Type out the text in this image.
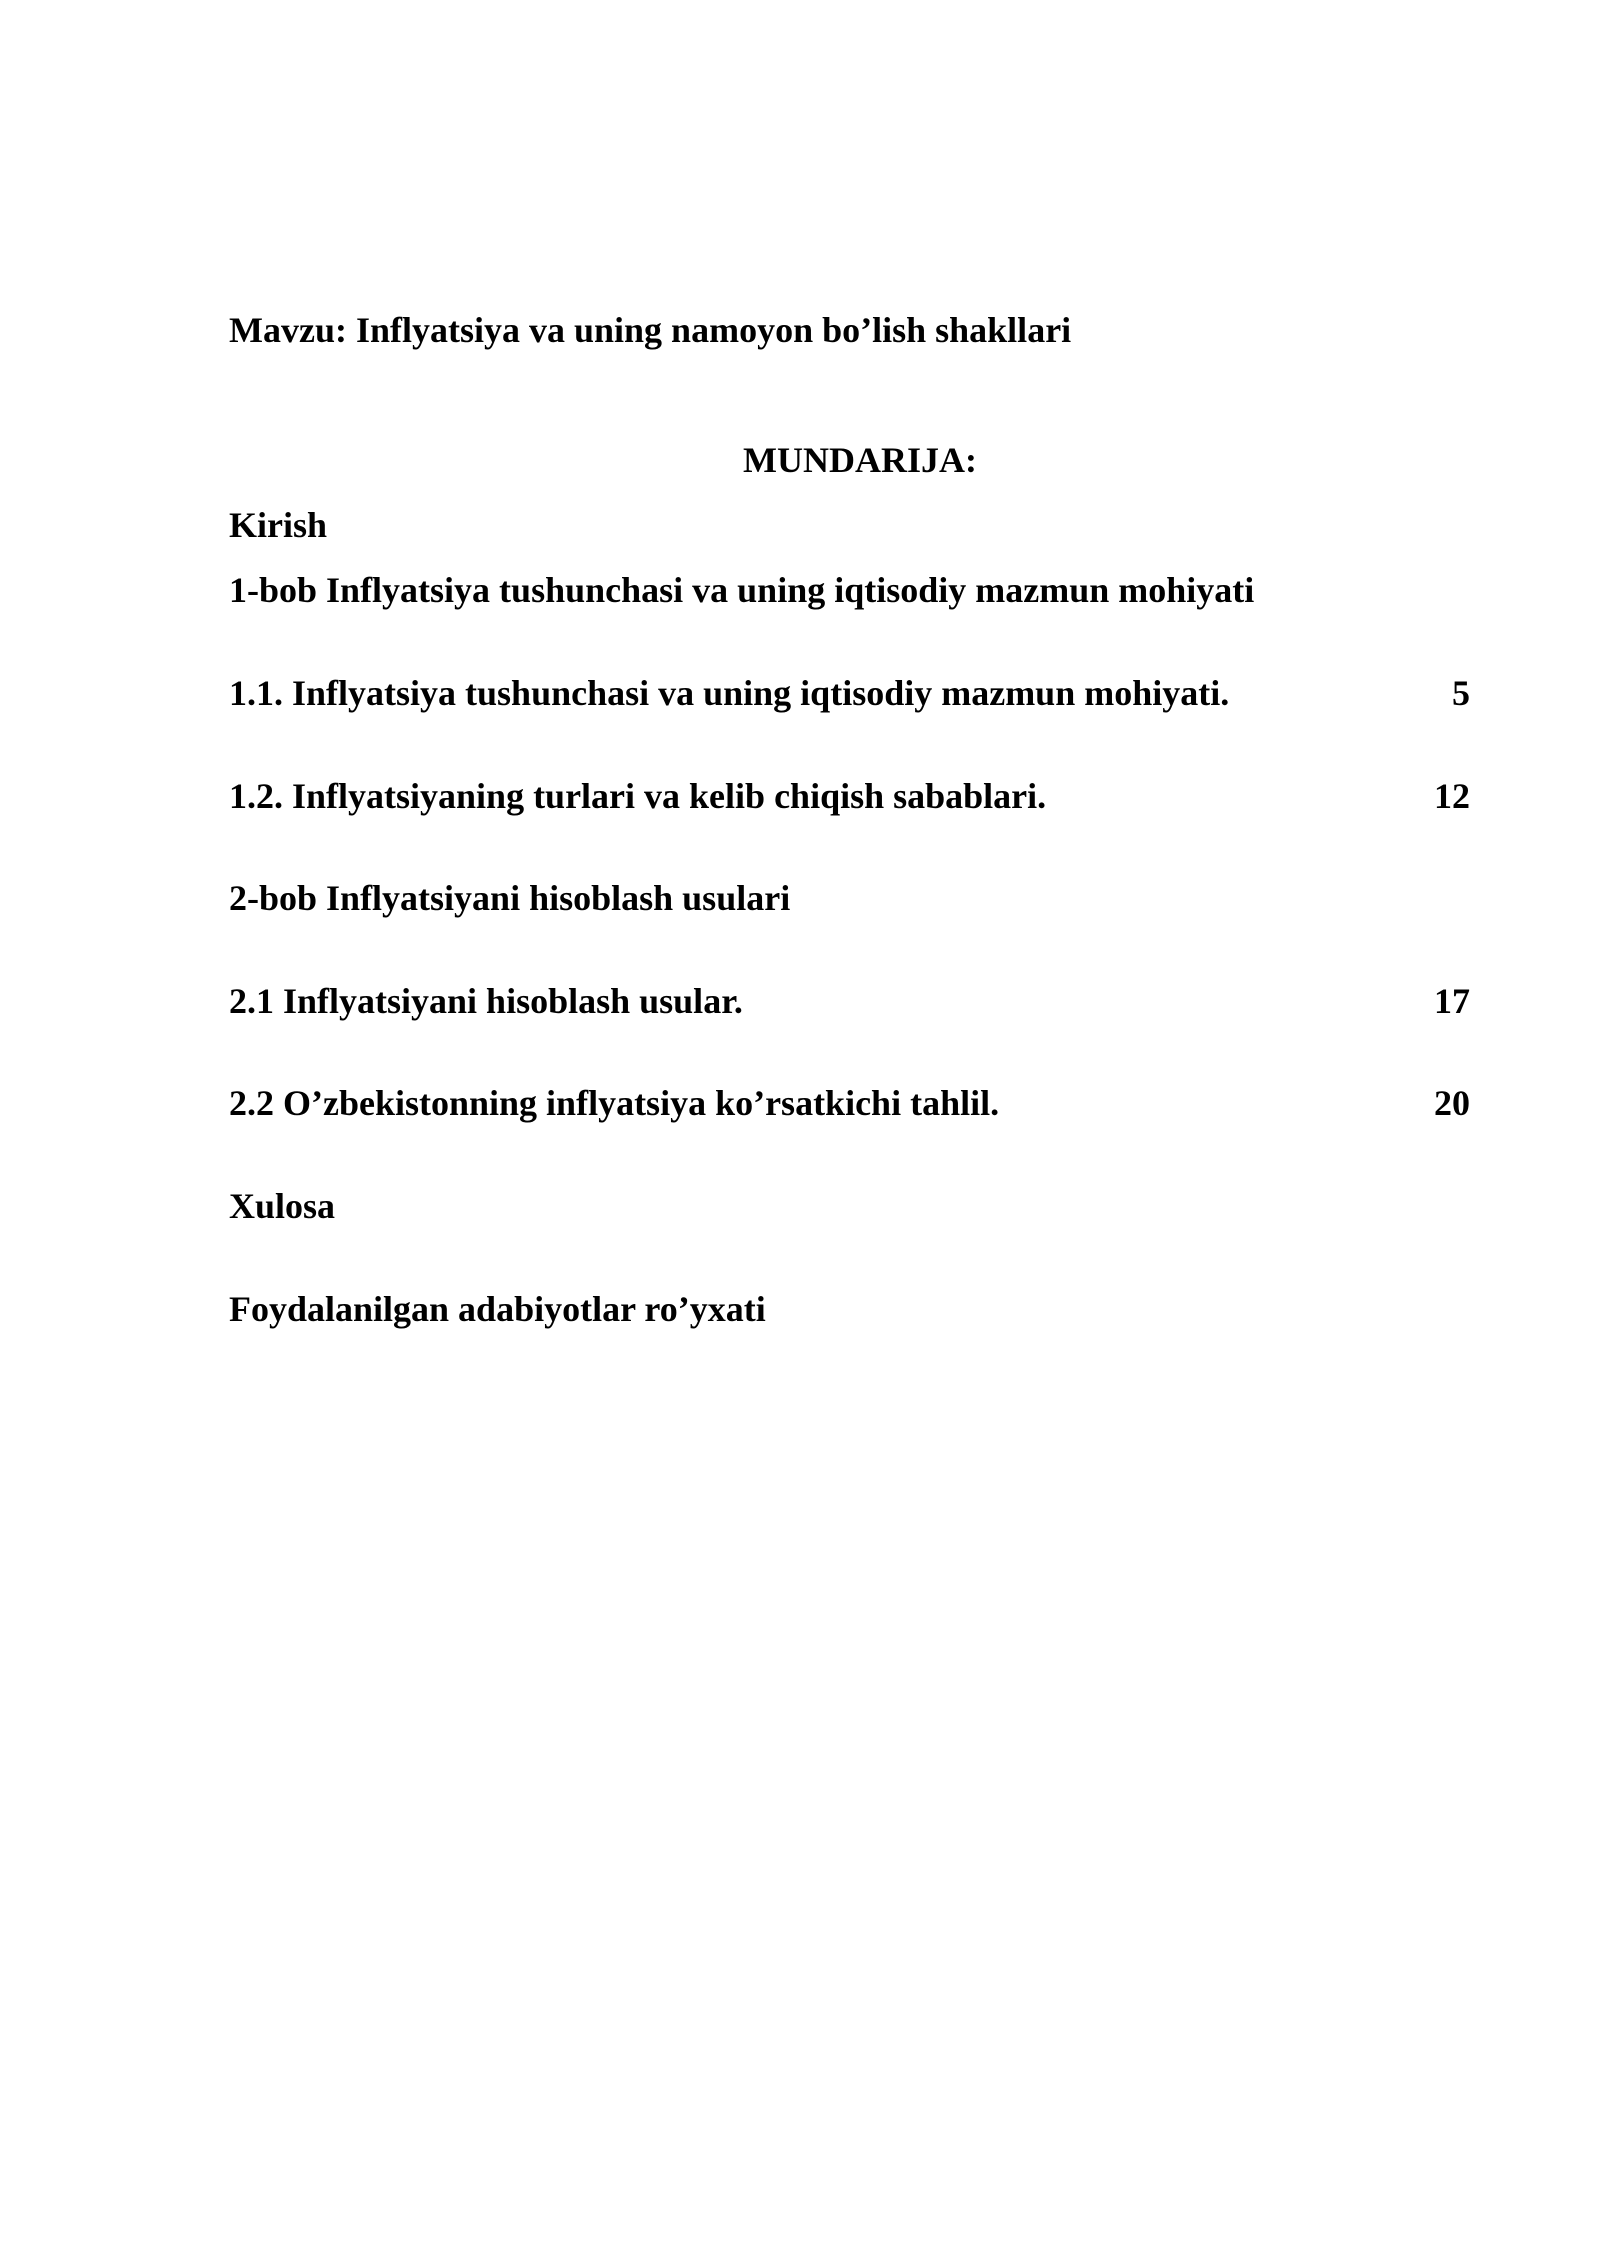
Mavzu: Inflyatsiya va uning namoyon bo’lish shakllari
MUNDARIJA:
Kirish
1-bob Inflyatsiya tushunchasi va uning iqtisodiy mazmun mohiyati
1.1. Inflyatsiya tushunchasi va uning iqtisodiy mazmun mohiyati.	5
1.2. Inflyatsiyaning turlari va kelib chiqish sabablari.	12
2-bob Inflyatsiyani hisoblash usulari
2.1 Inflyatsiyani hisoblash usular.	17
2.2 O’zbekistonning inflyatsiya ko’rsatkichi tahlil.	20
Xulosa
Foydalanilgan adabiyotlar ro’yxati
